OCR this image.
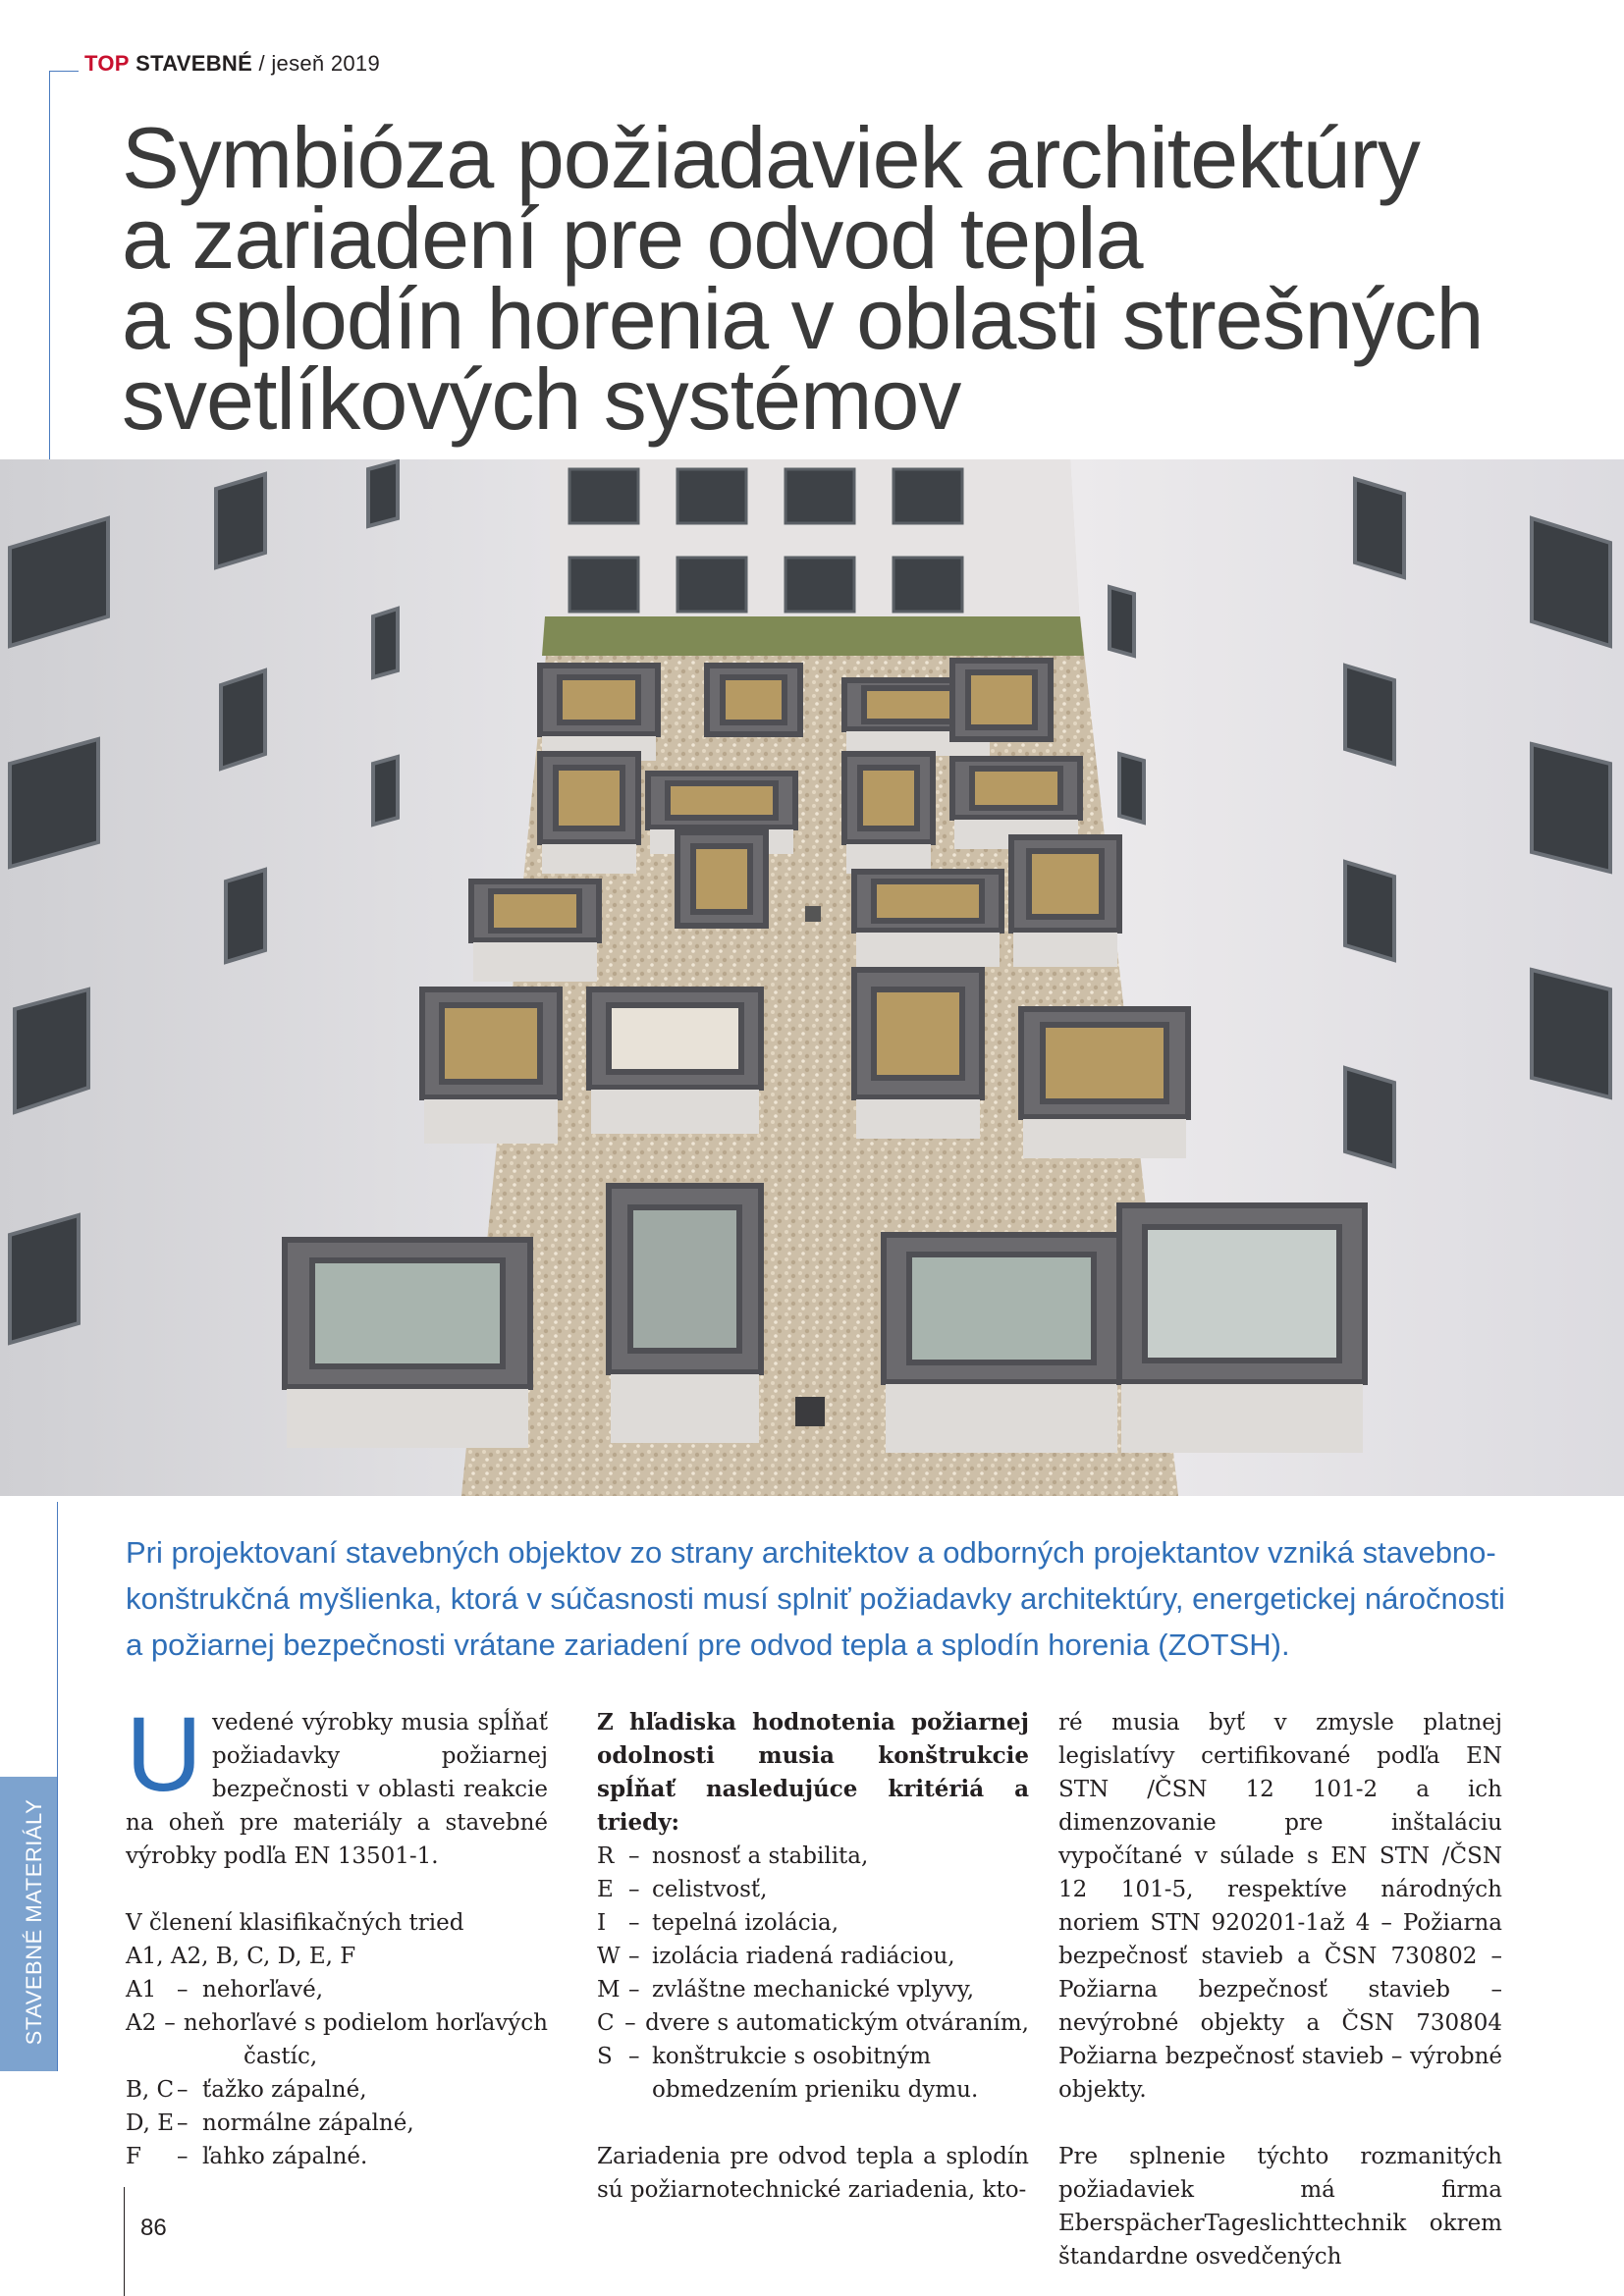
TOP STAVEBNÉ / jeseň 2019
Symbióza požiadaviek architektúry
a zariadení pre odvod tepla
a splodín horenia v oblasti strešných
svetlíkových systémov
Pri projektovaní stavebných objektov zo strany architektov a odborných projektantov vzniká stavebno-
konštrukčná myšlienka, ktorá v súčasnosti musí splniť požiadavky architektúry, energetickej náročnosti
a požiarnej bezpečnosti vrátane zariadení pre odvod tepla a splodín horenia (ZOTSH).
Uvedené výrobky musia spĺňať požiadavky požiarnej bezpečnosti v oblasti reakcie na oheň pre materiály a stavebné výrobky podľa EN 13501-1.
V členení klasifikačných tried
A1, A2, B, C, D, E, F
A1 – nehorľavé,
A2 – nehorľavé s podielom horľavých
častíc,
B, C – ťažko zápalné,
D, E – normálne zápalné,
F	– ľahko zápalné.
Z hľadiska hodnotenia požiarnej odolnosti musia konštrukcie spĺňať nasledujúce kritériá a triedy:
R – nosnosť a stabilita,
E – celistvosť,
I – tepelná izolácia,
W – izolácia riadená radiáciou,
M – zvláštne mechanické vplyvy,
C – dvere s automatickým otváraním,
S – konštrukcie s osobitným
obmedzením prieniku dymu.
Zariadenia pre odvod tepla a splodín sú požiarnotechnické zariadenia, kto-
ré musia byť v zmysle platnej legislatívy certifikované podľa EN STN /ČSN 12 101-2 a ich dimenzovanie pre inštaláciu vypočítané v súlade s EN STN /ČSN 12 101-5, respektíve národných noriem STN 920201-1až 4 – Požiarna bezpečnosť stavieb a ČSN 730802 – Požiarna bezpečnosť stavieb – nevýrobné objekty a ČSN 730804 Požiarna bezpečnosť stavieb – výrobné objekty.
Pre splnenie týchto rozmanitých požiadaviek má firma EberspächerTageslichttechnik okrem štandardne osvedčených
STAVEBNÉ MATERIÁLY
86
